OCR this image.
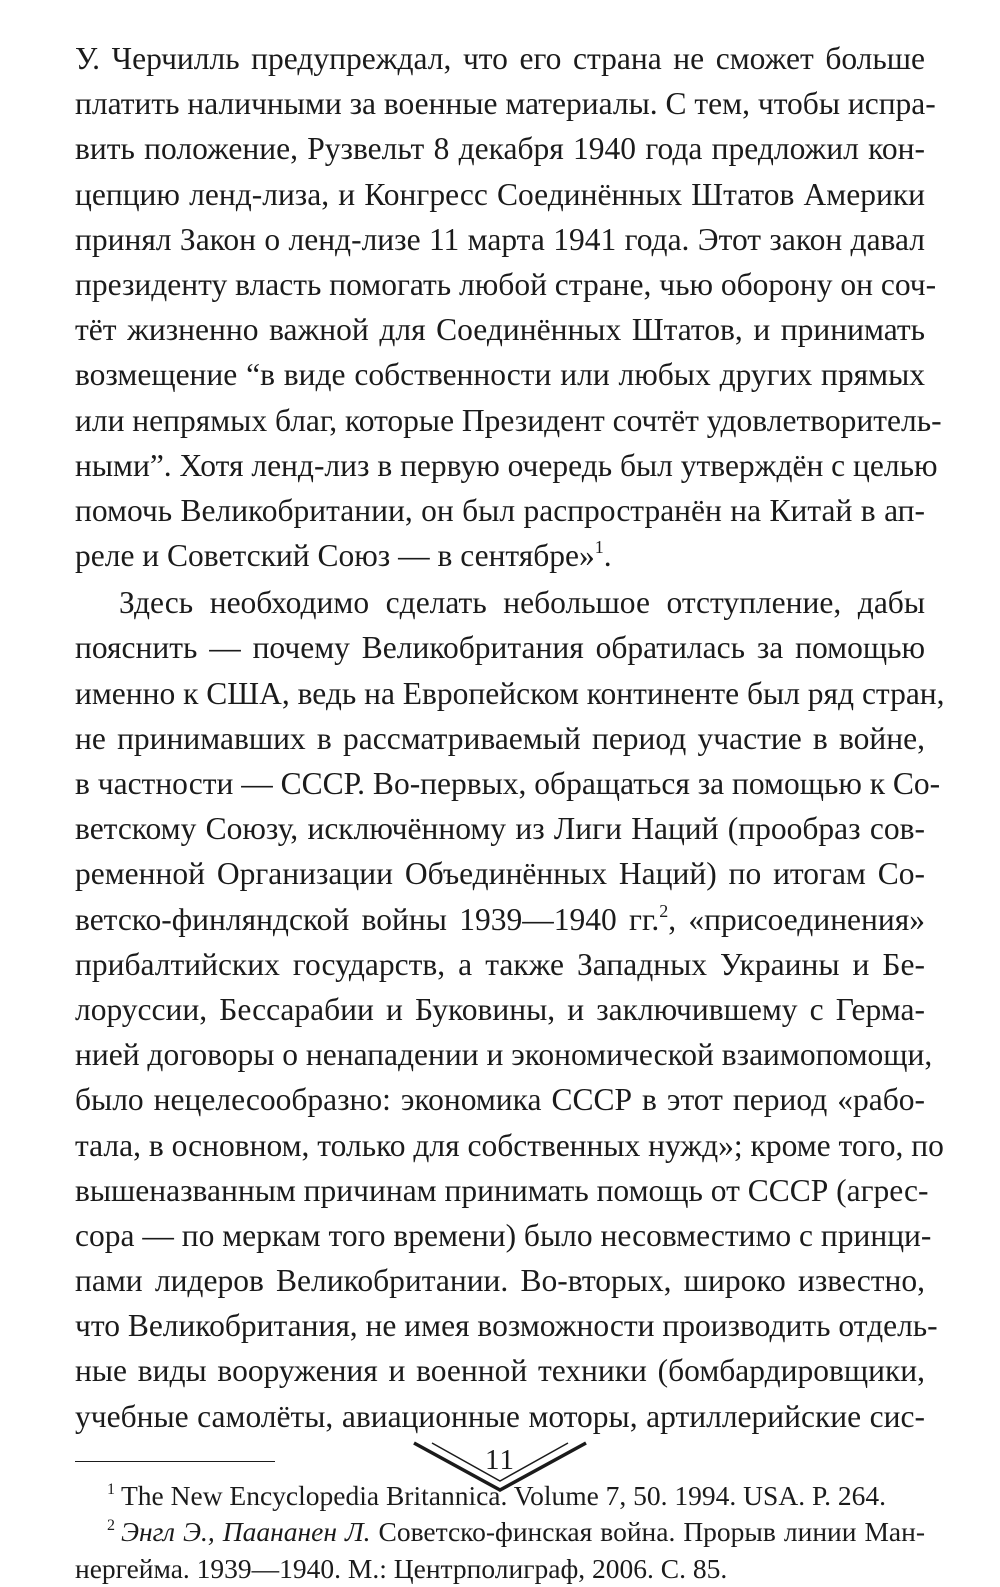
У. Черчилль предупреждал, что его страна не сможет больше
платить наличными за военные материалы. С тем, чтобы испра-
вить положение, Рузвельт 8 декабря 1940 года предложил кон-
цепцию ленд-лиза, и Конгресс Соединённых Штатов Америки
принял Закон о ленд-лизе 11 марта 1941 года. Этот закон давал
президенту власть помогать любой стране, чью оборону он соч-
тёт жизненно важной для Соединённых Штатов, и принимать
возмещение “в виде собственности или любых других прямых
или непрямых благ, которые Президент сочтёт удовлетворитель-
ными”. Хотя ленд-лиз в первую очередь был утверждён с целью
помочь Великобритании, он был распространён на Китай в ап-
реле и Советский Союз — в сентябре»$^1$.
Здесь необходимо сделать небольшое отступление, дабы
пояснить — почему Великобритания обратилась за помощью
именно к США, ведь на Европейском континенте был ряд стран,
не принимавших в рассматриваемый период участие в войне,
в частности — СССР. Во-первых, обращаться за помощью к Со-
ветскому Союзу, исключённому из Лиги Наций (прообраз сов-
ременной Организации Объединённых Наций) по итогам Со-
ветско-финляндской войны 1939—1940 гг.$^2$, «присоединения»
прибалтийских государств, а также Западных Украины и Бе-
лоруссии, Бессарабии и Буковины, и заключившему с Герма-
нией договоры о ненападении и экономической взаимопомощи,
было нецелесообразно: экономика СССР в этот период «рабо-
тала, в основном, только для собственных нужд»; кроме того, по
вышеназванным причинам принимать помощь от СССР (агрес-
сора — по меркам того времени) было несовместимо с принци-
пами лидеров Великобритании. Во-вторых, широко известно,
что Великобритания, не имея возможности производить отдель-
ные виды вооружения и военной техники (бомбардировщики,
учебные самолёты, авиационные моторы, артиллерийские сис-
$^1$ The New Encyclopedia Britannica. Volume 7, 50. 1994. USA. P. 264.
$^2$ Энгл Э., Паананен Л. Советско-финская война. Прорыв линии Ман-
нергейма. 1939—1940. М.: Центрполиграф, 2006. С. 85.
11
